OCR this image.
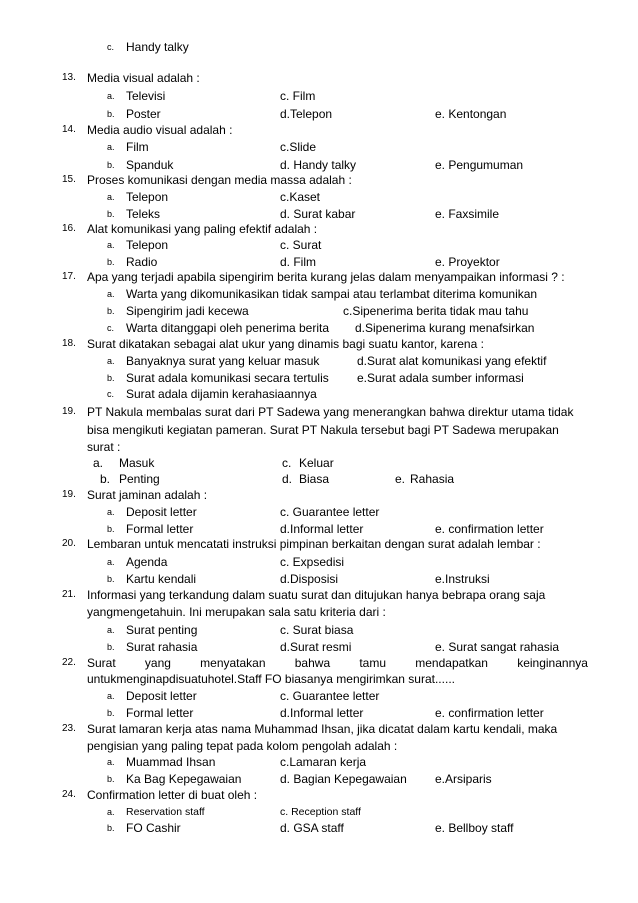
c. Handy talky
13. Media visual adalah :
a. Televisi	c. Film
b. Poster	d.Telepon	e. Kentongan
14. Media audio visual adalah :
a. Film	c.Slide
b. Spanduk	d. Handy talky	e. Pengumuman
15. Proses komunikasi dengan media massa adalah :
a. Telepon	c.Kaset
b. Teleks	d. Surat kabar	e. Faxsimile
16. Alat komunikasi yang paling efektif adalah :
a. Telepon	c. Surat
b. Radio	d. Film	e. Proyektor
17. Apa yang terjadi apabila sipengirim berita kurang jelas dalam menyampaikan informasi ? :
a. Warta yang dikomunikasikan tidak sampai atau terlambat diterima komunikan
b. Sipengirim jadi kecewa	c.Sipenerima berita tidak mau tahu
c. Warta ditanggapi oleh penerima berita d.Sipenerima kurang menafsirkan
18. Surat dikatakan sebagai alat ukur yang dinamis bagi suatu kantor, karena :
a. Banyaknya surat yang keluar masuk	d.Surat alat komunikasi yang efektif
b. Surat adala komunikasi secara tertulis e.Surat adala sumber informasi
c. Surat adala dijamin kerahasiaannya
19. PT Nakula membalas surat dari PT Sadewa yang menerangkan bahwa direktur utama tidak
bisa mengikuti kegiatan pameran. Surat PT Nakula tersebut bagi PT Sadewa merupakan
surat :
a. Masuk	c. Keluar
b. Penting	d. Biasa	e. Rahasia
19. Surat jaminan adalah :
a. Deposit letter	c. Guarantee letter
b. Formal letter	d.Informal letter	e. confirmation letter
20. Lembaran untuk mencatati instruksi pimpinan berkaitan dengan surat adalah lembar :
a. Agenda	c. Expsedisi
b. Kartu kendali	d.Disposisi	e.Instruksi
21. Informasi yang terkandung dalam suatu surat dan ditujukan hanya bebrapa orang saja
yangmengetahuin. Ini merupakan sala satu kriteria dari :
a. Surat penting	c. Surat biasa
b. Surat rahasia	d.Surat resmi	e. Surat sangat rahasia
22. Surat yang menyatakan bahwa tamu mendapatkan keinginannya
untukmenginapdisuatuhotel.Staff FO biasanya mengirimkan surat......
a. Deposit letter	c. Guarantee letter
b. Formal letter	d.Informal letter	e. confirmation letter
23. Surat lamaran kerja atas nama Muhammad Ihsan, jika dicatat dalam kartu kendali, maka
pengisian yang paling tepat pada kolom pengolah adalah :
a. Muammad Ihsan	c.Lamaran kerja
b. Ka Bag Kepegawaian	d. Bagian Kepegawaian e.Arsiparis
24. Confirmation letter di buat oleh :
a. Reservation staff	c. Reception staff
b. FO Cashir	d. GSA staff	e. Bellboy staff
